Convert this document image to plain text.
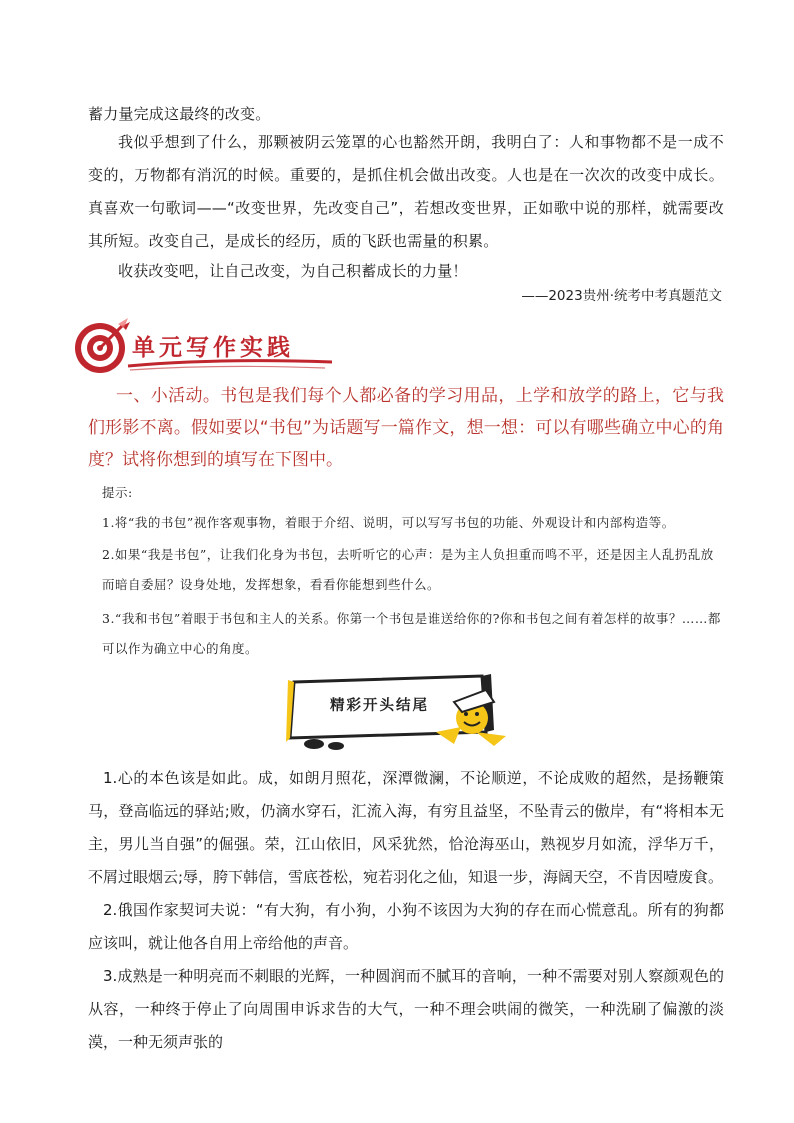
蓄力量完成这最终的改变。

我似乎想到了什么，那颗被阴云笼罩的心也豁然开朗，我明白了：人和事物都不是一成不变的，万物都有消沉的时候。重要的，是抓住机会做出改变。人也是在一次次的改变中成长。真喜欢一句歌词——“改变世界，先改变自己”，若想改变世界，正如歌中说的那样，就需要改其所短。改变自己，是成长的经历，质的飞跃也需量的积累。

收获改变吧，让自己改变，为自己积蓄成长的力量！

——2023贵州·统考中考真题范文
单元写作实践

一、小活动。书包是我们每个人都必备的学习用品，上学和放学的路上，它与我们形影不离。假如要以“书包”为话题写一篇作文，想一想：可以有哪些确立中心的角度？试将你想到的填写在下图中。

提示:

1.将“我的书包”视作客观事物，着眼于介绍、说明，可以写写书包的功能、外观设计和内部构造等。

2.如果“我是书包”，让我们化身为书包，去听听它的心声：是为主人负担重而鸣不平，还是因主人乱扔乱放而暗自委屈？设身处地，发挥想象，看看你能想到些什么。

3.“我和书包”着眼于书包和主人的关系。你第一个书包是谁送给你的?你和书包之间有着怎样的故事？……都可以作为确立中心的角度。

精彩开头结尾

1.心的本色该是如此。成，如朗月照花，深潭微澜，不论顺逆，不论成败的超然，是扬鞭策马，登高临远的驿站;败，仍滴水穿石，汇流入海，有穷且益坚，不坠青云的傲岸，有“将相本无主，男儿当自强”的倔强。荣，江山依旧，风采犹然，恰沧海巫山，熟视岁月如流，浮华万千，不屑过眼烟云;辱，胯下韩信，雪底苍松，宛若羽化之仙，知退一步，海阔天空，不肯因噎废食。

2.俄国作家契诃夫说：“有大狗，有小狗，小狗不该因为大狗的存在而心慌意乱。所有的狗都应该叫，就让他各自用上帝给他的声音。

3.成熟是一种明亮而不刺眼的光辉，一种圆润而不腻耳的音响，一种不需要对别人察颜观色的从容，一种终于停止了向周围申诉求告的大气，一种不理会哄闹的微笑，一种洗刷了偏激的淡漠，一种无须声张的
